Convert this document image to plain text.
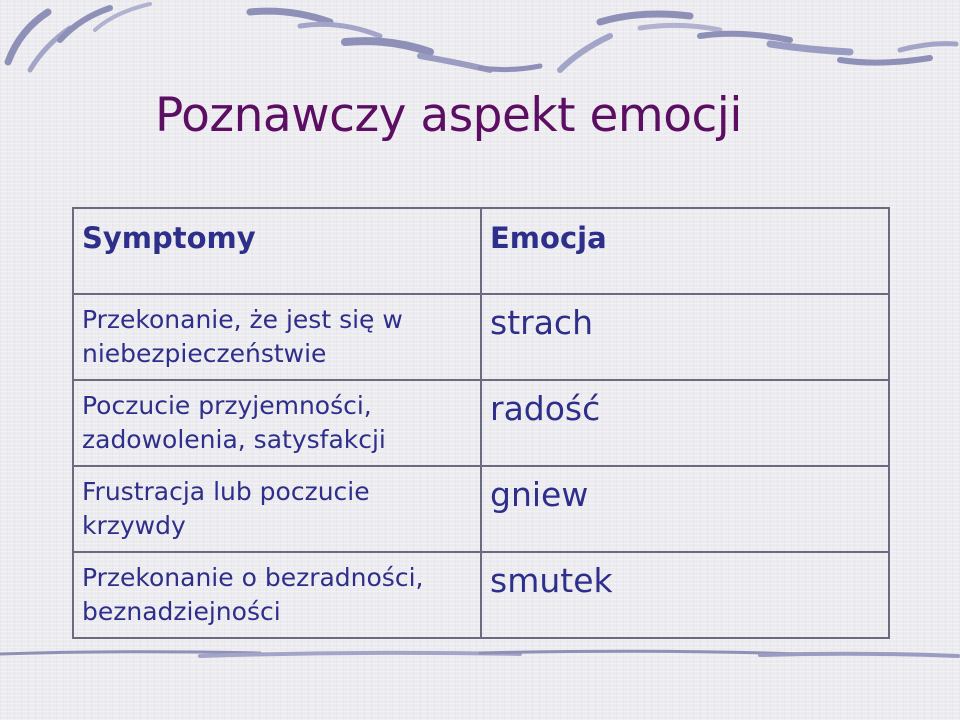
Poznawczy aspekt emocji
Symptomy	Emocja
Przekonanie, że jest się w niebezpieczeństwie	strach
Poczucie przyjemności, zadowolenia, satysfakcji	radość
Frustracja lub poczucie krzywdy	gniew
Przekonanie o bezradności, beznadziejności	smutek
